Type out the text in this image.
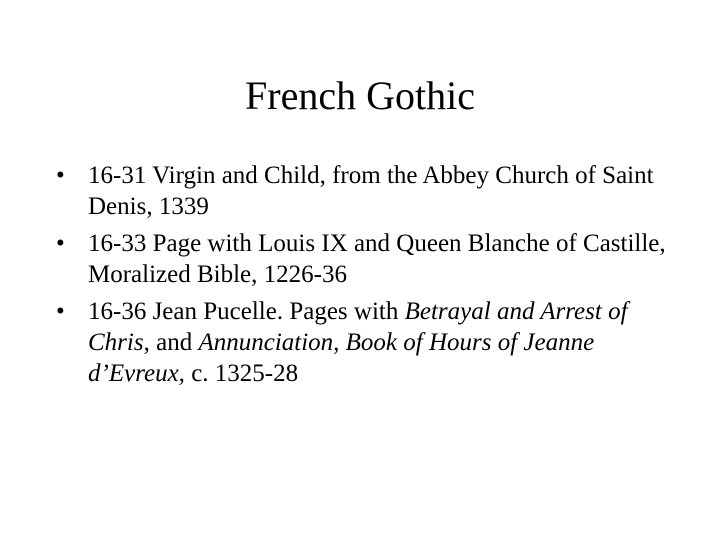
French Gothic
• 16-31 Virgin and Child, from the Abbey Church of Saint Denis, 1339
• 16-33 Page with Louis IX and Queen Blanche of Castille, Moralized Bible, 1226-36
• 16-36 Jean Pucelle. Pages with Betrayal and Arrest of Chris, and Annunciation, Book of Hours of Jeanne d’Evreux, c. 1325-28
